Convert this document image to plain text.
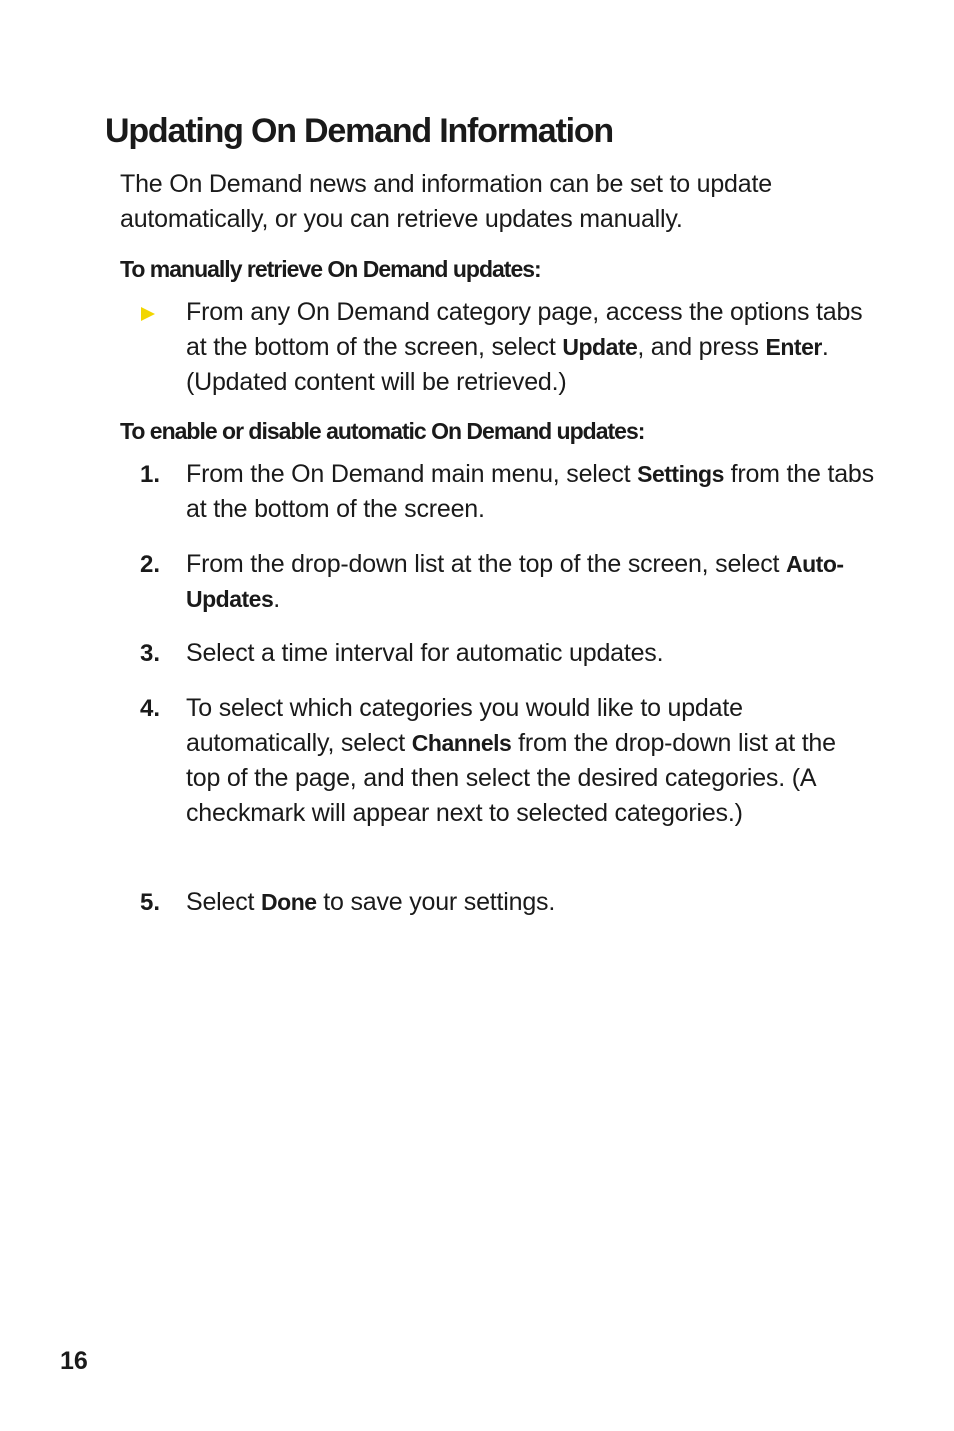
Updating On Demand Information

The On Demand news and information can be set to update automatically, or you can retrieve updates manually.

To manually retrieve On Demand updates:

From any On Demand category page, access the options tabs at the bottom of the screen, select Update, and press Enter. (Updated content will be retrieved.)

To enable or disable automatic On Demand updates:
1. From the On Demand main menu, select Settings from the tabs at the bottom of the screen.

2. From the drop-down list at the top of the screen, select Auto-Updates.

3. Select a time interval for automatic updates.

4. To select which categories you would like to update automatically, select Channels from the drop-down list at the top of the page, and then select the desired categories. (A checkmark will appear next to selected categories.)

5. Select Done to save your settings.

16
